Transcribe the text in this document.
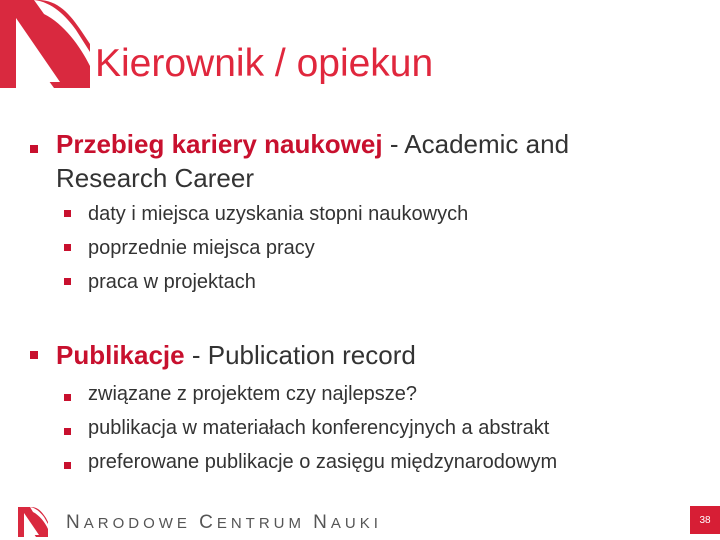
Kierownik / opiekun
Przebieg kariery naukowej - Academic and
Research Career
daty i miejsca uzyskania stopni naukowych
poprzednie miejsca pracy
praca w projektach
Publikacje - Publication record
związane z projektem czy najlepsze?
publikacja w materiałach konferencyjnych a abstrakt
preferowane publikacje o zasięgu międzynarodowym
NARODOWE CENTRUM NAUKI	38
